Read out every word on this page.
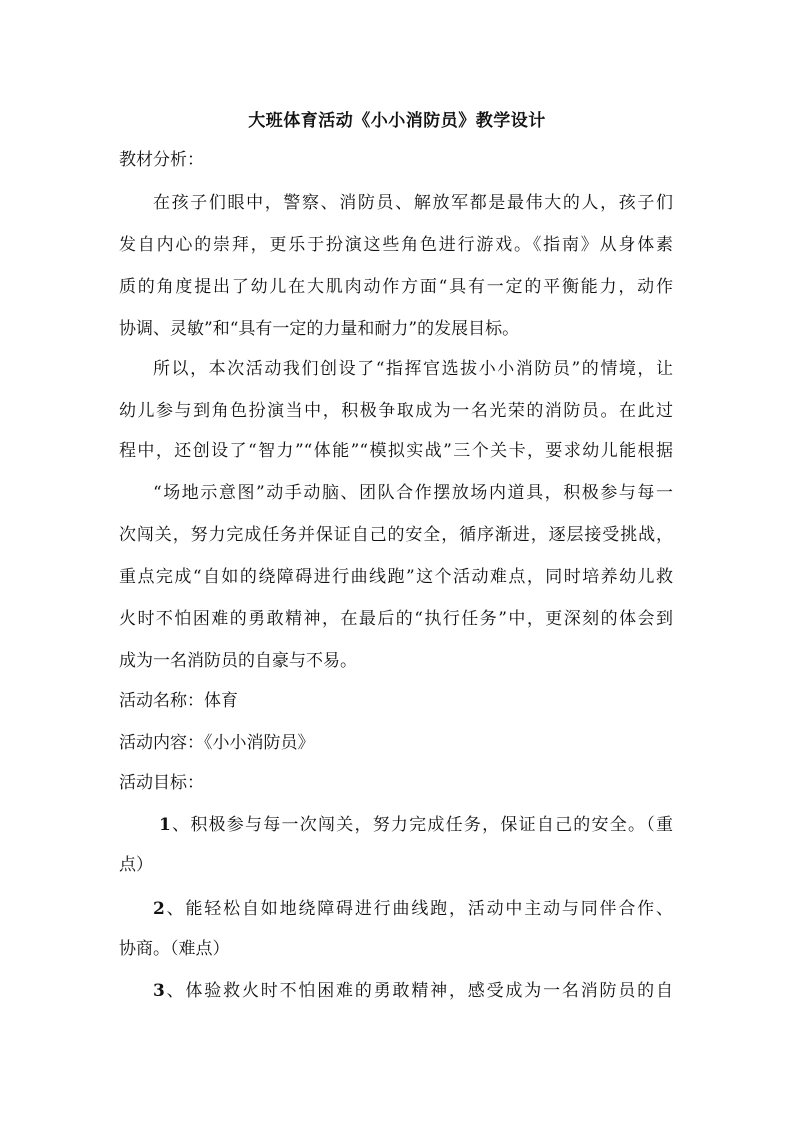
大班体育活动《小小消防员》教学设计
教材分析：
在孩子们眼中，警察、消防员、解放军都是最伟大的人，孩子们
发自内心的崇拜，更乐于扮演这些角色进行游戏。《指南》从身体素
质的角度提出了幼儿在大肌肉动作方面“具有一定的平衡能力，动作
协调、灵敏”和“具有一定的力量和耐力”的发展目标。
所以，本次活动我们创设了“指挥官选拔小小消防员”的情境，让
幼儿参与到角色扮演当中，积极争取成为一名光荣的消防员。在此过
程中，还创设了“智力”“体能”“模拟实战”三个关卡，要求幼儿能根据
“场地示意图”动手动脑、团队合作摆放场内道具，积极参与每一
次闯关，努力完成任务并保证自己的安全，循序渐进，逐层接受挑战，
重点完成“自如的绕障碍进行曲线跑”这个活动难点，同时培养幼儿救
火时不怕困难的勇敢精神，在最后的“执行任务”中，更深刻的体会到
成为一名消防员的自豪与不易。
活动名称：体育
活动内容：《小小消防员》
活动目标：
1、积极参与每一次闯关，努力完成任务，保证自己的安全。（重
点）
2、能轻松自如地绕障碍进行曲线跑，活动中主动与同伴合作、
协商。（难点）
3、体验救火时不怕困难的勇敢精神，感受成为一名消防员的自
